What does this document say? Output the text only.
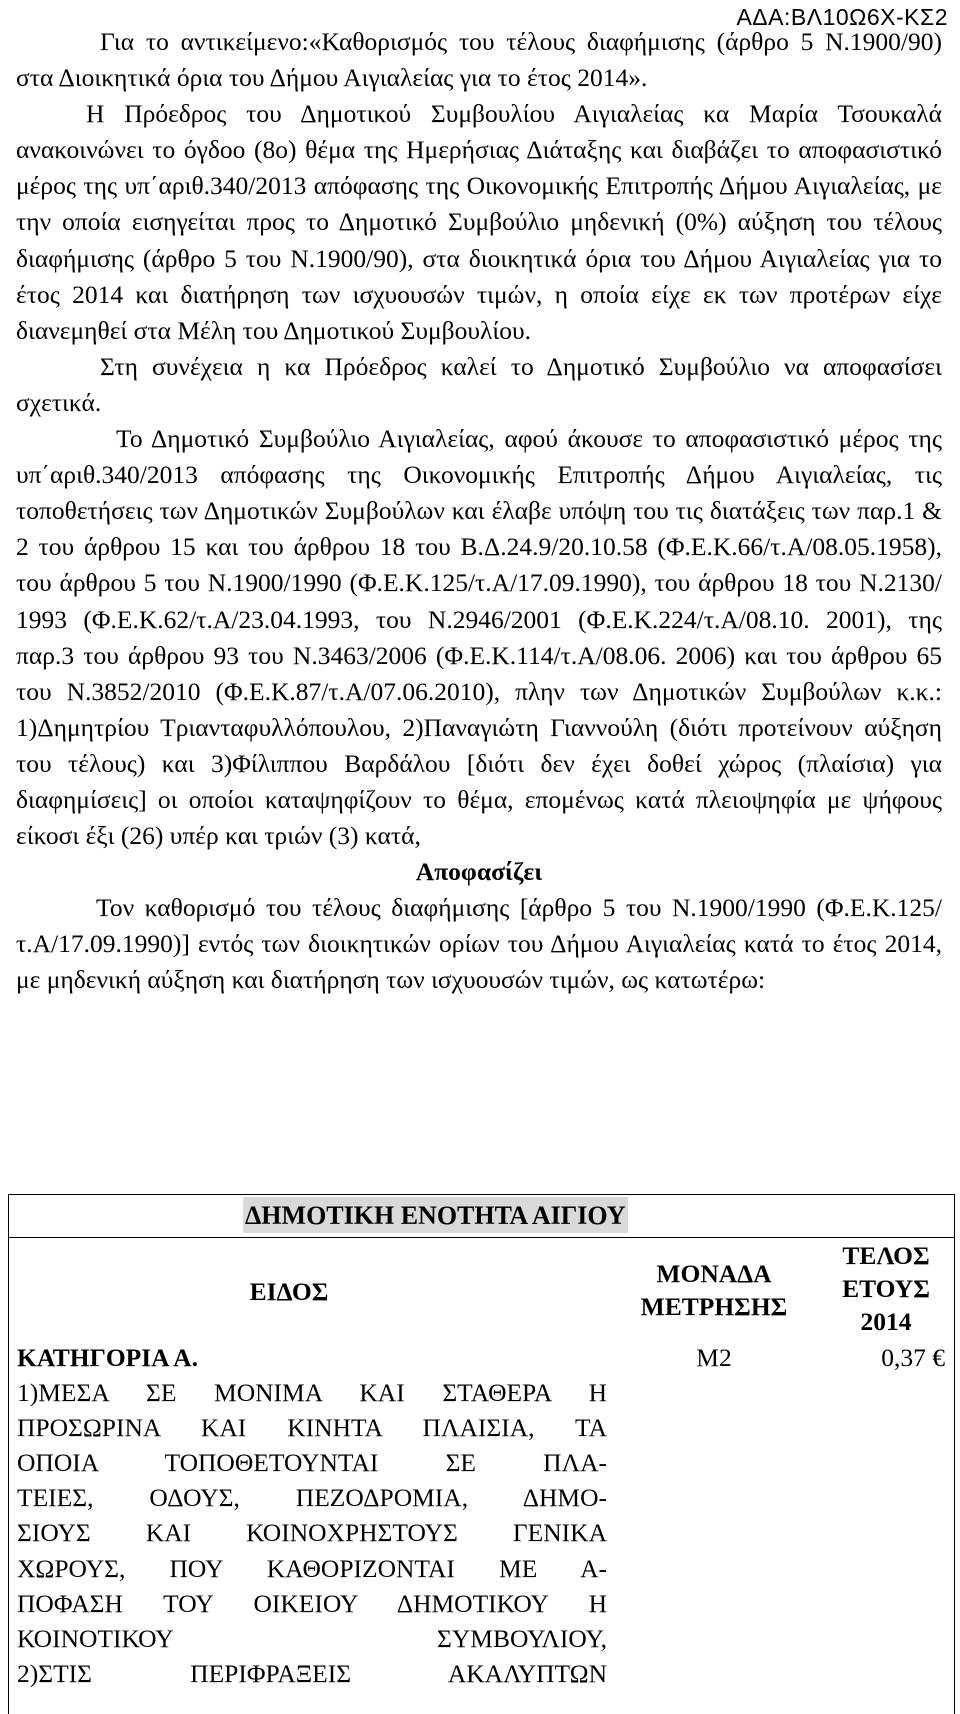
ΑΔΑ:ΒΛ10Ω6Χ-ΚΣ2

Για το αντικείμενο:«Καθορισμός του τέλους διαφήμισης (άρθρο 5 Ν.1900/90) στα Διοικητικά όρια του Δήμου Αιγιαλείας για το έτος 2014».

Η Πρόεδρος του Δημοτικού Συμβουλίου Αιγιαλείας κα Μαρία Τσουκαλά ανακοινώνει το όγδοο (8ο) θέμα της Ημερήσιας Διάταξης και διαβάζει το αποφασιστικό μέρος της υπ΄αριθ.340/2013 απόφασης της Οικονομικής Επιτροπής Δήμου Αιγιαλείας, με την οποία εισηγείται προς το Δημοτικό Συμβούλιο μηδενική (0%) αύξηση του τέλους διαφήμισης (άρθρο 5 του Ν.1900/90), στα διοικητικά όρια του Δήμου Αιγιαλείας για το έτος 2014 και διατήρηση των ισχυουσών τιμών, η οποία είχε εκ των προτέρων είχε διανεμηθεί στα Μέλη του Δημοτικού Συμβουλίου.

Στη συνέχεια η κα Πρόεδρος καλεί το Δημοτικό Συμβούλιο να αποφασίσει σχετικά.

Το Δημοτικό Συμβούλιο Αιγιαλείας, αφού άκουσε το αποφασιστικό μέρος της υπ΄αριθ.340/2013 απόφασης της Οικονομικής Επιτροπής Δήμου Αιγιαλείας, τις τοποθετήσεις των Δημοτικών Συμβούλων και έλαβε υπόψη του τις διατάξεις των παρ.1 & 2 του άρθρου 15 και του άρθρου 18 του Β.Δ.24.9/20.10.58 (Φ.Ε.Κ.66/τ.Α/08.05.1958), του άρθρου 5 του Ν.1900/1990 (Φ.Ε.Κ.125/τ.Α/17.09.1990), του άρθρου 18 του Ν.2130/ 1993 (Φ.Ε.Κ.62/τ.Α/23.04.1993, του Ν.2946/2001 (Φ.Ε.Κ.224/τ.Α/08.10. 2001), της παρ.3 του άρθρου 93 του Ν.3463/2006 (Φ.Ε.Κ.114/τ.Α/08.06. 2006) και του άρθρου 65 του Ν.3852/2010 (Φ.Ε.Κ.87/τ.Α/07.06.2010), πλην των Δημοτικών Συμβούλων κ.κ.: 1)Δημητρίου Τριανταφυλλόπουλου, 2)Παναγιώτη Γιαννούλη (διότι προτείνουν αύξηση του τέλους) και 3)Φίλιππου Βαρδάλου [διότι δεν έχει δοθεί χώρος (πλαίσια) για διαφημίσεις] οι οποίοι καταψηφίζουν το θέμα, επομένως κατά πλειοψηφία με ψήφους είκοσι έξι (26) υπέρ και τριών (3) κατά,

Αποφασίζει

Τον καθορισμό του τέλους διαφήμισης [άρθρο 5 του Ν.1900/1990 (Φ.Ε.Κ.125/τ.Α/17.09.1990)] εντός των διοικητικών ορίων του Δήμου Αιγιαλείας κατά το έτος 2014, με μηδενική αύξηση και διατήρηση των ισχυουσών τιμών, ως κατωτέρω:

ΔΗΜΟΤΙΚΗ ΕΝΟΤΗΤΑ ΑΙΓΙΟΥ
ΕΙΔΟΣ
ΜΟΝΑΔΑ
ΜΕΤΡΗΣΗΣ
ΤΕΛΟΣ
ΕΤΟΥΣ
2014

ΚΑΤΗΓΟΡΙΑ Α.

1)ΜΕΣΑ ΣΕ ΜΟΝΙΜΑ ΚΑΙ ΣΤΑΘΕΡΑ Η

ΠΡΟΣΩΡΙΝΑ ΚΑΙ ΚΙΝΗΤΑ ΠΛΑΙΣΙΑ, ΤΑ

ΟΠΟΙΑ ΤΟΠΟΘΕΤΟΥΝΤΑΙ ΣΕ ΠΛΑ-

ΤΕΙΕΣ, ΟΔΟΥΣ, ΠΕΖΟΔΡΟΜΙΑ, ΔΗΜΟ-

ΣΙΟΥΣ ΚΑΙ ΚΟΙΝΟΧΡΗΣΤΟΥΣ ΓΕΝΙΚΑ

ΧΩΡΟΥΣ, ΠΟΥ ΚΑΘΟΡΙΖΟΝΤΑΙ ΜΕ Α-

ΠΟΦΑΣΗ ΤΟΥ ΟΙΚΕΙΟΥ ΔΗΜΟΤΙΚΟΥ Η

ΚΟΙΝΟΤΙΚΟΥ ΣΥΜΒΟΥΛΙΟΥ,

2)ΣΤΙΣ ΠΕΡΙΦΡΑΞΕΙΣ ΑΚΑΛΥΠΤΩΝ

Μ2	0,37 €
